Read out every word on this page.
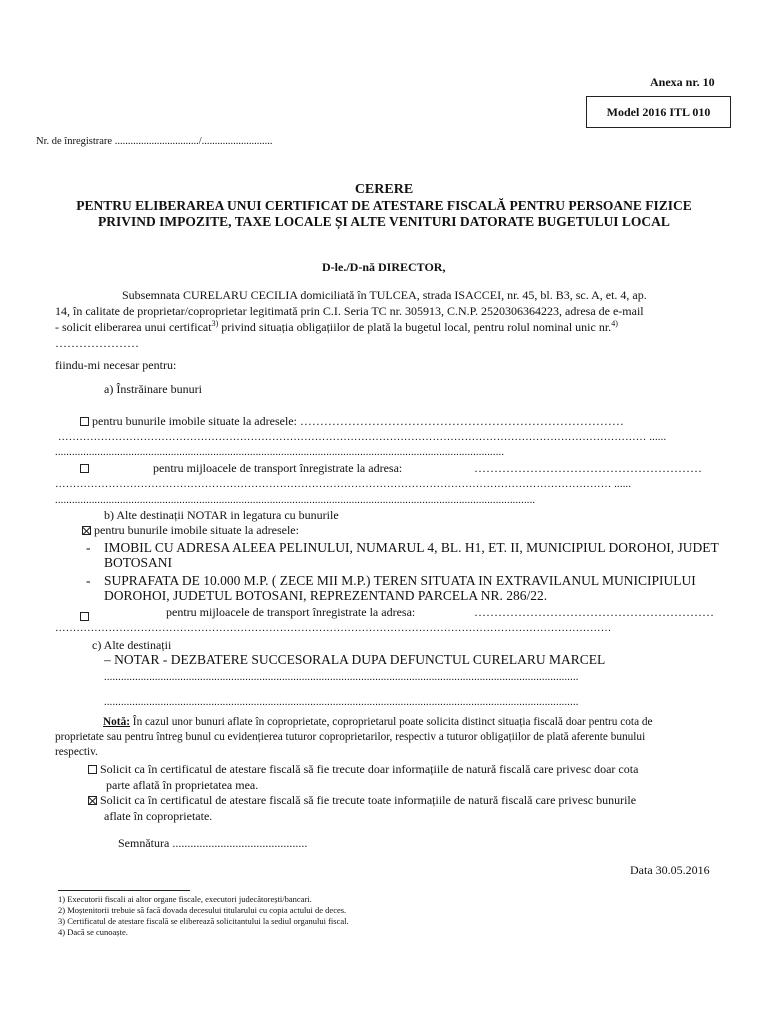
Anexa nr. 10
Model 2016 ITL 010
Nr. de înregistrare ................................/...........................
CERERE
PENTRU ELIBERAREA UNUI CERTIFICAT DE ATESTARE FISCALĂ PENTRU PERSOANE FIZICE
PRIVIND IMPOZITE, TAXE LOCALE ȘI ALTE VENITURI DATORATE BUGETULUI LOCAL
D-le./D-nă DIRECTOR,
Subsemnata CURELARU CECILIA domiciliată în TULCEA, strada ISACCEI, nr. 45, bl. B3, sc. A, et. 4, ap.
14, în calitate de proprietar/coproprietar legitimată prin C.I. Seria TC nr. 305913, C.N.P. 2520306364223, adresa de e-mail
- solicit eliberarea unui certificat$^{3)}$ privind situația obligațiilor de plată la bugetul local, pentru rolul nominal unic nr.$^{4)}$
…………………
fiindu-mi necesar pentru:
a) Înstrăinare bunuri
pentru bunurile imobile situate la adresele: ………………………………………………………………………
………………………………………………………………………………………………………………………………………………… ......
...............................................................................................................................................................
pentru mijloacele de transport înregistrate la adresa:	…………………………………………………
………………………………………………………………………………………………………………………………………… ......
..........................................................................................................................................................................
b) Alte destinații NOTAR in legatura cu bunurile
pentru bunurile imobile situate la adresele:
- IMOBIL CU ADRESA ALEEA PELINULUI, NUMARUL 4, BL. H1, ET. II, MUNICIPIUL DOROHOI, JUDET
BOTOSANI
- SUPRAFATA DE 10.000 M.P. ( ZECE MII M.P.) TEREN SITUATA IN EXTRAVILANUL MUNICIPIULUI
DOROHOI, JUDETUL BOTOSANI, REPREZENTAND PARCELA NR. 286/22.
pentru mijloacele de transport înregistrate la adresa:	……………………………………………………
…………………………………………………………………………………………………………………………………………
c) Alte destinații
– NOTAR - DEZBATERE SUCCESORALA DUPA DEFUNCTUL CURELARU MARCEL
........................................................................................................................................................................
........................................................................................................................................................................
Notă: În cazul unor bunuri aflate în coproprietate, coproprietarul poate solicita distinct situația fiscală doar pentru cota de
proprietate sau pentru întreg bunul cu evidențierea tuturor coproprietarilor, respectiv a tuturor obligațiilor de plată aferente bunului
respectiv.
Solicit ca în certificatul de atestare fiscală să fie trecute doar informațiile de natură fiscală care privesc doar cota
parte aflată în proprietatea mea.
Solicit ca în certificatul de atestare fiscală să fie trecute toate informațiile de natură fiscală care privesc bunurile
aflate în coproprietate.
Semnătura .............................................
Data 30.05.2016
1) Executorii fiscali ai altor organe fiscale, executori judecătorești/bancari.
2) Moștenitorii trebuie să facă dovada decesului titularului cu copia actului de deces.
3) Certificatul de atestare fiscală se eliberează solicitantului la sediul organului fiscal.
4) Dacă se cunoaște.
